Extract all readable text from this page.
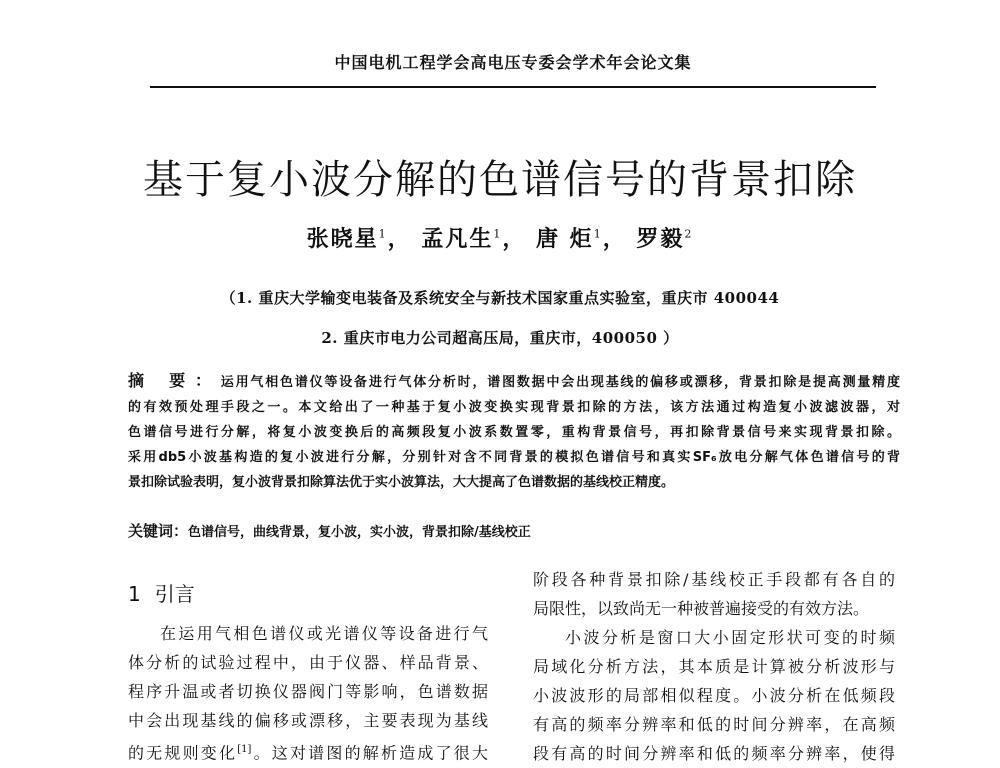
中国电机工程学会高电压专委会学术年会论文集
基于复小波分解的色谱信号的背景扣除
张晓星$^1$， 孟凡生$^1$， 唐 炬$^1$， 罗毅$^2$
（1. 重庆大学输变电装备及系统安全与新技术国家重点实验室，重庆市 400044
2. 重庆市电力公司超高压局，重庆市，400050 ）
摘 要：运用气相色谱仪等设备进行气体分析时，谱图数据中会出现基线的偏移或漂移，背景扣除是提高测量精度
的有效预处理手段之一。本文给出了一种基于复小波变换实现背景扣除的方法，该方法通过构造复小波滤波器，对
色谱信号进行分解，将复小波变换后的高频段复小波系数置零，重构背景信号，再扣除背景信号来实现背景扣除。
采用db5小波基构造的复小波进行分解，分别针对含不同背景的模拟色谱信号和真实SF₆放电分解气体色谱信号的背
景扣除试验表明，复小波背景扣除算法优于实小波算法，大大提高了色谱数据的基线校正精度。
关键词：色谱信号，曲线背景，复小波，实小波，背景扣除/基线校正
1 引言
在运用气相色谱仪或光谱仪等设备进行气
体分析的试验过程中，由于仪器、样品背景、
程序升温或者切换仪器阀门等影响，色谱数据
中会出现基线的偏移或漂移，主要表现为基线
的无规则变化[1]。这对谱图的解析造成了很大
阶段各种背景扣除/基线校正手段都有各自的
局限性，以致尚无一种被普遍接受的有效方法。
小波分析是窗口大小固定形状可变的时频
局域化分析方法，其本质是计算被分析波形与
小波波形的局部相似程度。小波分析在低频段
有高的频率分辨率和低的时间分辨率，在高频
段有高的时间分辨率和低的频率分辨率，使得
